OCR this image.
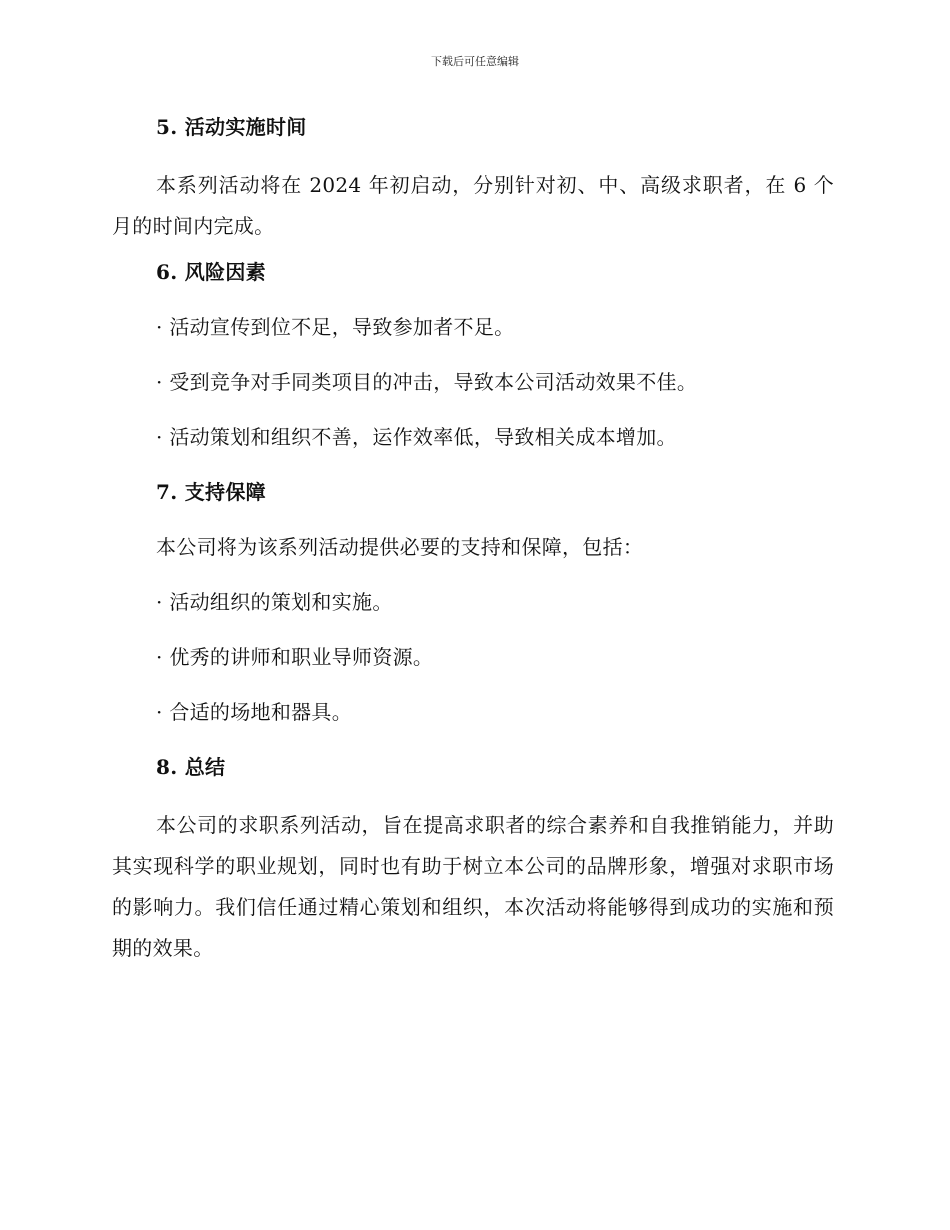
下载后可任意编辑
5. 活动实施时间

本系列活动将在 2024 年初启动，分别针对初、中、高级求职者，在 6 个月的时间内完成。

6. 风险因素

· 活动宣传到位不足，导致参加者不足。

· 受到竞争对手同类项目的冲击，导致本公司活动效果不佳。

· 活动策划和组织不善，运作效率低，导致相关成本增加。

7. 支持保障

本公司将为该系列活动提供必要的支持和保障，包括：

· 活动组织的策划和实施。

· 优秀的讲师和职业导师资源。

· 合适的场地和器具。

8. 总结

本公司的求职系列活动，旨在提高求职者的综合素养和自我推销能力，并助其实现科学的职业规划，同时也有助于树立本公司的品牌形象，增强对求职市场的影响力。我们信任通过精心策划和组织，本次活动将能够得到成功的实施和预期的效果。
